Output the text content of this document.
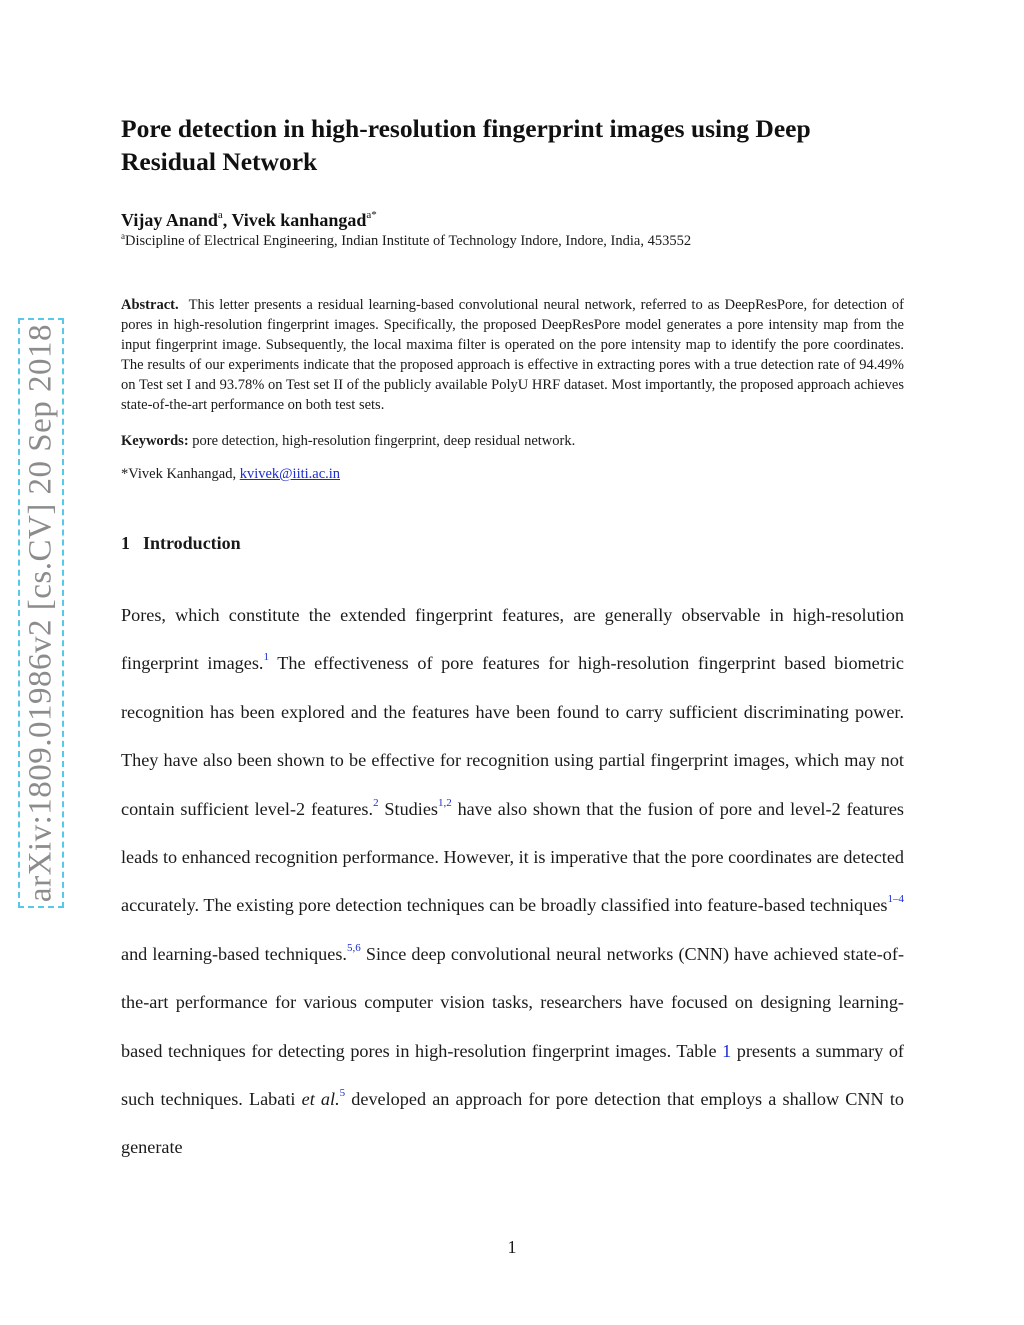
arXiv:1809.01986v2 [cs.CV] 20 Sep 2018
Pore detection in high-resolution fingerprint images using Deep Residual Network
Vijay Anand$^a$, Vivek kanhangad$^{a*}$
$^a$Discipline of Electrical Engineering, Indian Institute of Technology Indore, Indore, India, 453552
Abstract. This letter presents a residual learning-based convolutional neural network, referred to as DeepResPore, for detection of pores in high-resolution fingerprint images. Specifically, the proposed DeepResPore model generates a pore intensity map from the input fingerprint image. Subsequently, the local maxima filter is operated on the pore intensity map to identify the pore coordinates. The results of our experiments indicate that the proposed approach is effective in extracting pores with a true detection rate of 94.49% on Test set I and 93.78% on Test set II of the publicly available PolyU HRF dataset. Most importantly, the proposed approach achieves state-of-the-art performance on both test sets.
Keywords: pore detection, high-resolution fingerprint, deep residual network.
*Vivek Kanhangad, kvivek@iiti.ac.in
1 Introduction

Pores, which constitute the extended fingerprint features, are generally observable in high-resolution fingerprint images.$^1$ The effectiveness of pore features for high-resolution fingerprint based biometric recognition has been explored and the features have been found to carry sufficient discriminating power. They have also been shown to be effective for recognition using partial fingerprint images, which may not contain sufficient level-2 features.$^2$ Studies$^{1,2}$ have also shown that the fusion of pore and level-2 features leads to enhanced recognition performance. However, it is imperative that the pore coordinates are detected accurately. The existing pore detection techniques can be broadly classified into feature-based techniques$^{1-4}$ and learning-based techniques.$^{5,6}$ Since deep convolutional neural networks (CNN) have achieved state-of-the-art performance for various computer vision tasks, researchers have focused on designing learning-based techniques for detecting pores in high-resolution fingerprint images. Table 1 presents a summary of such techniques. Labati et al.$^5$ developed an approach for pore detection that employs a shallow CNN to generate

1
